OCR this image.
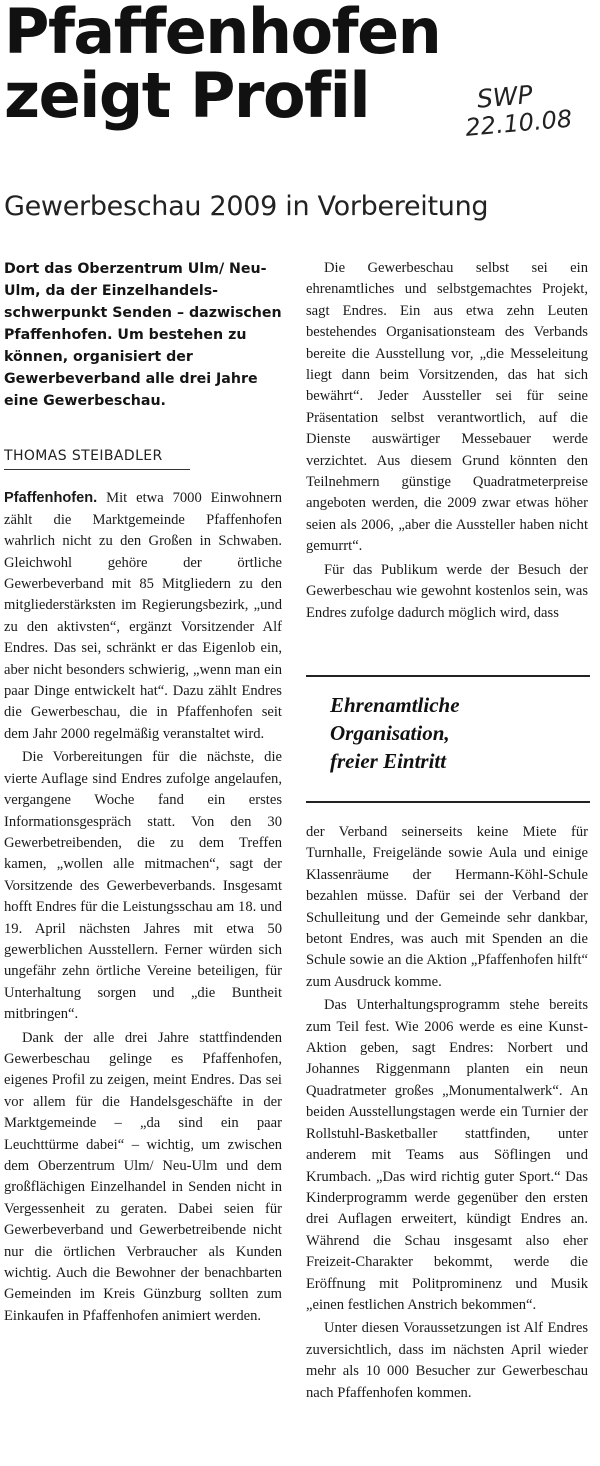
Pfaffenhofen
zeigt Profil	SWP
22.10.08
Gewerbeschau 2009 in Vorbereitung

Dort das Oberzentrum Ulm/ Neu-Ulm, da der Einzelhandels-schwerpunkt Senden – dazwischen Pfaffenhofen. Um bestehen zu können, organisiert der Gewerbeverband alle drei Jahre eine Gewerbeschau.

THOMAS STEIBADLER

Pfaffenhofen. Mit etwa 7000 Einwohnern zählt die Marktgemeinde Pfaffenhofen wahrlich nicht zu den Großen in Schwaben. Gleichwohl gehöre der örtliche Gewerbeverband mit 85 Mitgliedern zu den mitgliederstärksten im Regierungsbezirk, „und zu den aktivsten“, ergänzt Vorsitzender Alf Endres. Das sei, schränkt er das Eigenlob ein, aber nicht besonders schwierig, „wenn man ein paar Dinge entwickelt hat“. Dazu zählt Endres die Gewerbeschau, die in Pfaffenhofen seit dem Jahr 2000 regelmäßig veranstaltet wird.

Die Vorbereitungen für die nächste, die vierte Auflage sind Endres zufolge angelaufen, vergangene Woche fand ein erstes Informationsgespräch statt. Von den 30 Gewerbetreibenden, die zu dem Treffen kamen, „wollen alle mitmachen“, sagt der Vorsitzende des Gewerbeverbands. Insgesamt hofft Endres für die Leistungsschau am 18. und 19. April nächsten Jahres mit etwa 50 gewerblichen Ausstellern. Ferner würden sich ungefähr zehn örtliche Vereine beteiligen, für Unterhaltung sorgen und „die Buntheit mitbringen“.

Dank der alle drei Jahre stattfindenden Gewerbeschau gelinge es Pfaffenhofen, eigenes Profil zu zeigen, meint Endres. Das sei vor allem für die Handelsgeschäfte in der Marktgemeinde – „da sind ein paar Leuchttürme dabei“ – wichtig, um zwischen dem Oberzentrum Ulm/ Neu-Ulm und dem großflächigen Einzelhandel in Senden nicht in Vergessenheit zu geraten. Dabei seien für Gewerbeverband und Gewerbetreibende nicht nur die örtlichen Verbraucher als Kunden wichtig. Auch die Bewohner der benachbarten Gemeinden im Kreis Günzburg sollten zum Einkaufen in Pfaffenhofen animiert werden.

Die Gewerbeschau selbst sei ein ehrenamtliches und selbstgemachtes Projekt, sagt Endres. Ein aus etwa zehn Leuten bestehendes Organisationsteam des Verbands bereite die Ausstellung vor, „die Messeleitung liegt dann beim Vorsitzenden, das hat sich bewährt“. Jeder Aussteller sei für seine Präsentation selbst verantwortlich, auf die Dienste auswärtiger Messebauer werde verzichtet. Aus diesem Grund könnten den Teilnehmern günstige Quadratmeterpreise angeboten werden, die 2009 zwar etwas höher seien als 2006, „aber die Aussteller haben nicht gemurrt“.

Für das Publikum werde der Besuch der Gewerbeschau wie gewohnt kostenlos sein, was Endres zufolge dadurch möglich wird, dass

Ehrenamtliche
Organisation,
freier Eintritt

der Verband seinerseits keine Miete für Turnhalle, Freigelände sowie Aula und einige Klassenräume der Hermann-Köhl-Schule bezahlen müsse. Dafür sei der Verband der Schulleitung und der Gemeinde sehr dankbar, betont Endres, was auch mit Spenden an die Schule sowie an die Aktion „Pfaffenhofen hilft“ zum Ausdruck komme.

Das Unterhaltungsprogramm stehe bereits zum Teil fest. Wie 2006 werde es eine Kunst-Aktion geben, sagt Endres: Norbert und Johannes Riggenmann planten ein neun Quadratmeter großes „Monumentalwerk“. An beiden Ausstellungstagen werde ein Turnier der Rollstuhl-Basketballer stattfinden, unter anderem mit Teams aus Söflingen und Krumbach. „Das wird richtig guter Sport.“ Das Kinderprogramm werde gegenüber den ersten drei Auflagen erweitert, kündigt Endres an. Während die Schau insgesamt also eher Freizeit-Charakter bekommt, werde die Eröffnung mit Politprominenz und Musik „einen festlichen Anstrich bekommen“.

Unter diesen Voraussetzungen ist Alf Endres zuversichtlich, dass im nächsten April wieder mehr als 10 000 Besucher zur Gewerbeschau nach Pfaffenhofen kommen.
